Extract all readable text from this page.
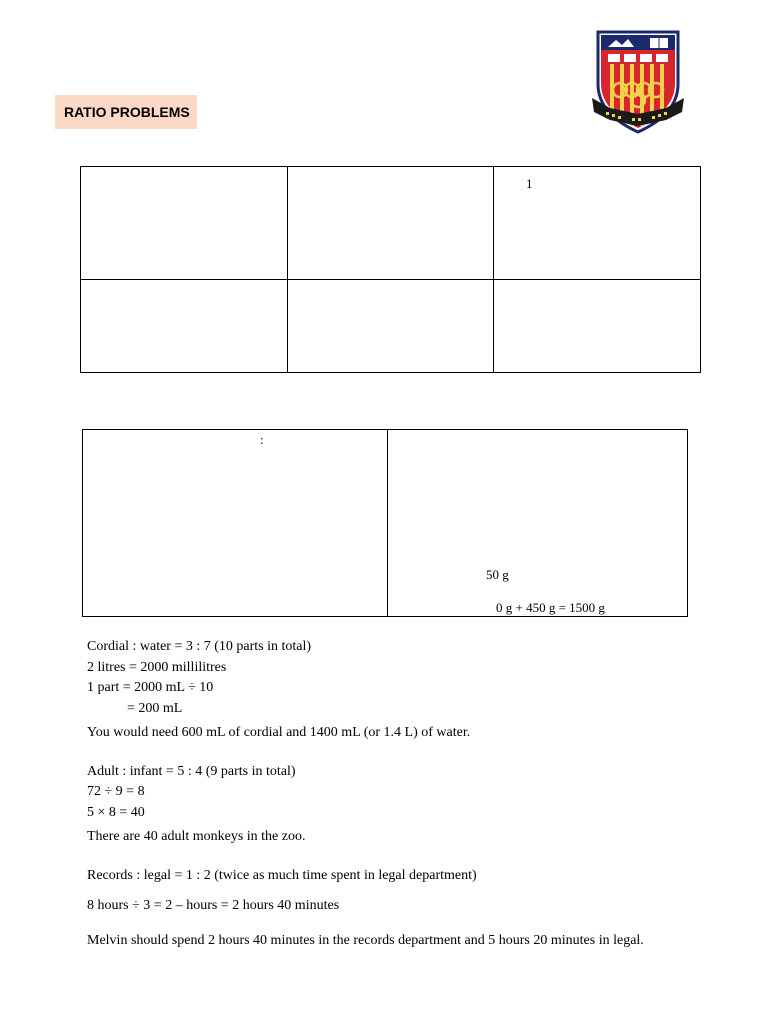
RATIO PROBLEMS

		1

:

50 g
0 g + 450 g = 1500 g
Cordial : water = 3 : 7 (10 parts in total)
2 litres = 2000 millilitres
1 part = 2000 mL ÷ 10
= 200 mL
You would need 600 mL of cordial and 1400 mL (or 1.4 L) of water.
Adult : infant = 5 : 4 (9 parts in total)
72 ÷ 9 = 8
5 × 8 = 40
There are 40 adult monkeys in the zoo.
Records : legal = 1 : 2 (twice as much time spent in legal department)
8 hours ÷ 3 = 2 – hours = 2 hours 40 minutes
Melvin should spend 2 hours 40 minutes in the records department and 5 hours 20 minutes in legal.
